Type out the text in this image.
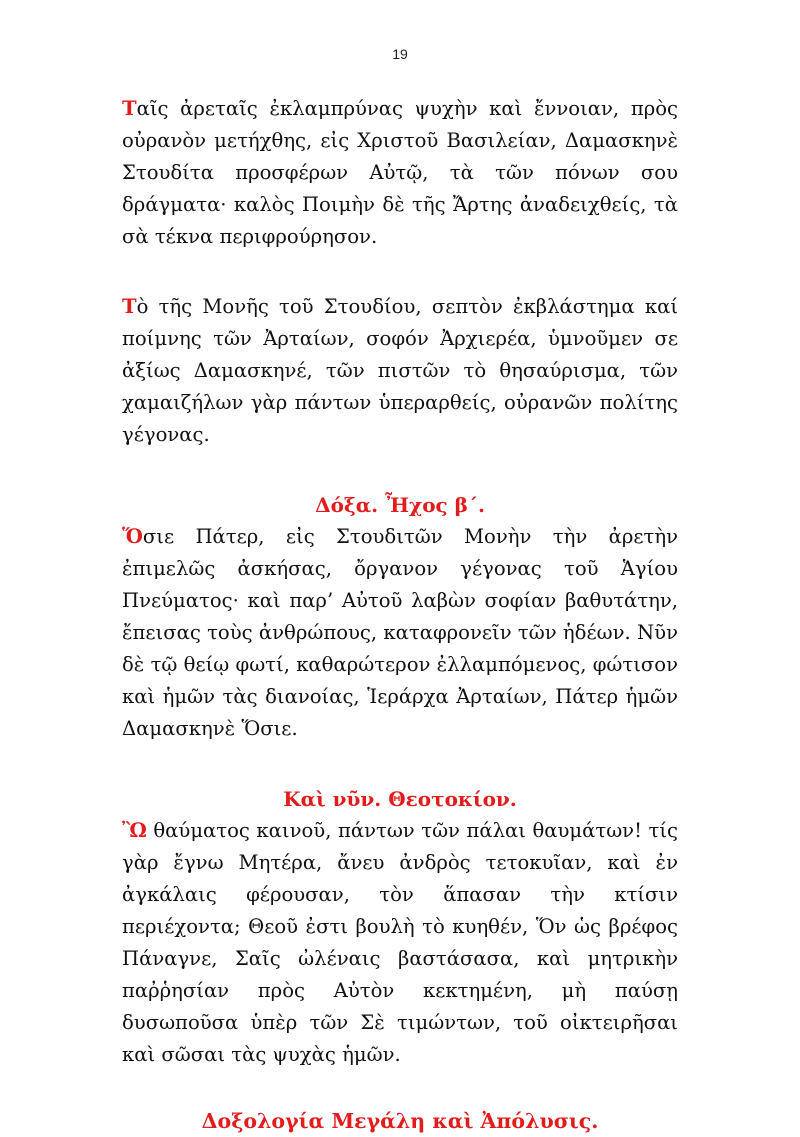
19

Ταῖς ἀρεταῖς ἐκλαμπρύνας ψυχὴν καὶ ἔννοιαν, πρὸς οὐρανὸν μετήχθης, εἰς Χριστοῦ Βασιλείαν, Δαμασκηνὲ Στουδίτα προσφέρων Αὐτῷ, τὰ τῶν πόνων σου δράγματα· καλὸς Ποιμὴν δὲ τῆς Ἄρτης ἀναδειχθείς, τὰ σὰ τέκνα περιφρούρησον.

Τὸ τῆς Μονῆς τοῦ Στουδίου, σεπτὸν ἐκβλάστημα καί ποίμνης τῶν Ἀρταίων, σοφόν Ἀρχιερέα, ὑμνοῦμεν σε ἀξίως Δαμασκηνέ, τῶν πιστῶν τὸ θησαύρισμα, τῶν χαμαιζήλων γὰρ πάντων ὑπεραρθείς, οὐρανῶν πολίτης γέγονας.

Δόξα. Ἦχος β΄.

Ὅσιε Πάτερ, εἰς Στουδιτῶν Μονὴν τὴν ἀρετὴν ἐπιμελῶς ἀσκήσας, ὄργανον γέγονας τοῦ Ἁγίου Πνεύματος· καὶ παρ’ Αὐτοῦ λαβὼν σοφίαν βαθυτάτην, ἔπεισας τοὺς ἀνθρώπους, καταφρονεῖν τῶν ἡδέων. Νῦν δὲ τῷ θείῳ φωτί, καθαρώτερον ἐλλαμπόμενος, φώτισον καὶ ἡμῶν τὰς διανοίας, Ἱεράρχα Ἀρταίων, Πάτερ ἡμῶν Δαμασκηνὲ Ὅσιε.

Καὶ νῦν. Θεοτοκίον.

Ὢ θαύματος καινοῦ, πάντων τῶν πάλαι θαυμάτων! τίς γὰρ ἔγνω Μητέρα, ἄνευ ἀνδρὸς τετοκυῖαν, καὶ ἐν ἀγκάλαις φέρουσαν, τὸν ἅπασαν τὴν κτίσιν περιέχοντα; Θεοῦ ἐστι βουλὴ τὸ κυηθέν, Ὅν ὡς βρέφος Πάναγνε, Σαῖς ὠλέναις βαστάσασα, καὶ μητρικὴν παῤῥησίαν πρὸς Αὐτὸν κεκτημένη, μὴ παύσῃ δυσωποῦσα ὑπὲρ τῶν Σὲ τιμώντων, τοῦ οἰκτειρῆσαι καὶ σῶσαι τὰς ψυχὰς ἡμῶν.

Δοξολογία Μεγάλη καὶ Ἀπόλυσις.
